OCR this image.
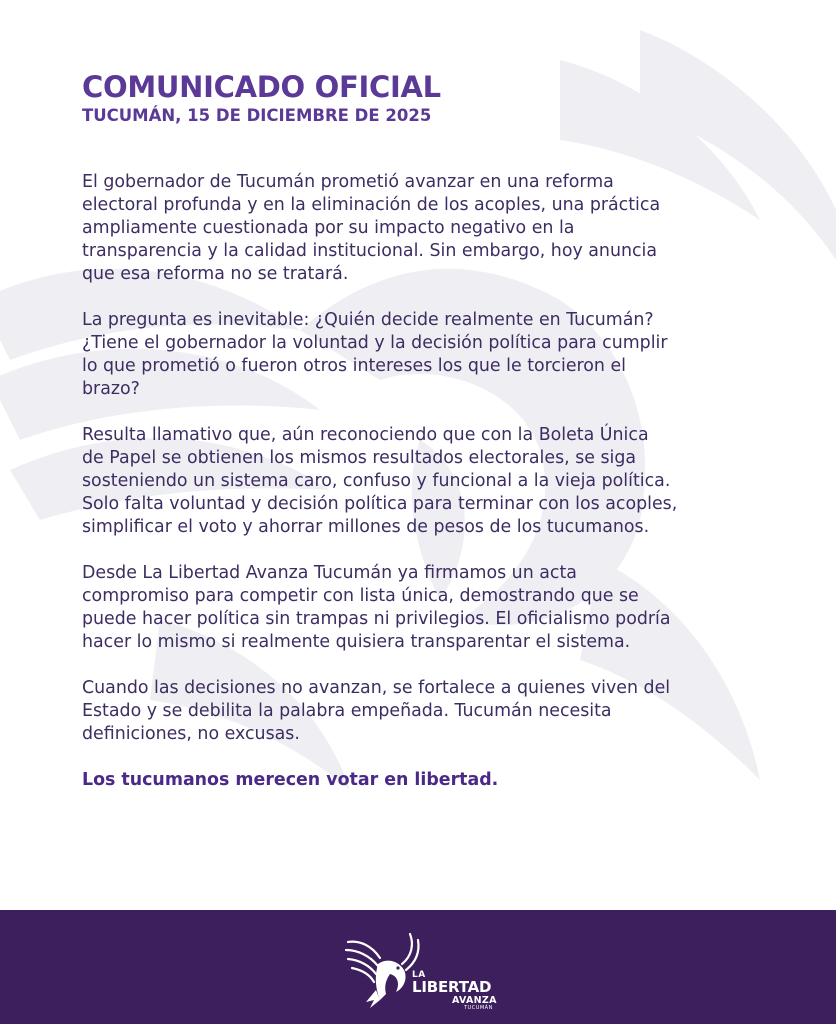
COMUNICADO OFICIAL
TUCUMÁN, 15 DE DICIEMBRE DE 2025

El gobernador de Tucumán prometió avanzar en una reforma
electoral profunda y en la eliminación de los acoples, una práctica
ampliamente cuestionada por su impacto negativo en la
transparencia y la calidad institucional. Sin embargo, hoy anuncia
que esa reforma no se tratará.

La pregunta es inevitable: ¿Quién decide realmente en Tucumán?
¿Tiene el gobernador la voluntad y la decisión política para cumplir
lo que prometió o fueron otros intereses los que le torcieron el
brazo?

Resulta llamativo que, aún reconociendo que con la Boleta Única
de Papel se obtienen los mismos resultados electorales, se siga
sosteniendo un sistema caro, confuso y funcional a la vieja política.
Solo falta voluntad y decisión política para terminar con los acoples,
simplificar el voto y ahorrar millones de pesos de los tucumanos.

Desde La Libertad Avanza Tucumán ya firmamos un acta
compromiso para competir con lista única, demostrando que se
puede hacer política sin trampas ni privilegios. El oficialismo podría
hacer lo mismo si realmente quisiera transparentar el sistema.

Cuando las decisiones no avanzan, se fortalece a quienes viven del
Estado y se debilita la palabra empeñada. Tucumán necesita
definiciones, no excusas.

Los tucumanos merecen votar en libertad.
LA
LIBERTAD
AVANZA
TUCUMÁN
